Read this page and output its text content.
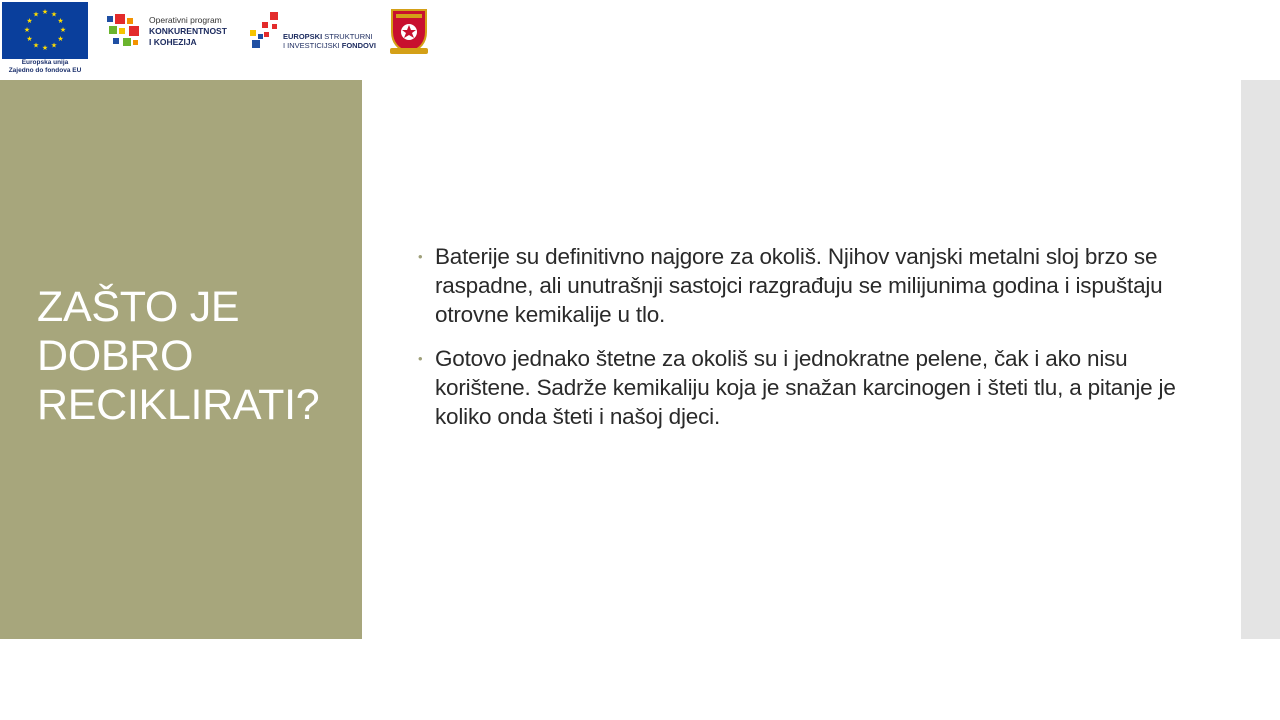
★ ★
★
★
★
★
★
★
★
★
★
★
Europska unija
Zajedno do fondova EU
Operativni program
KONKURENTNOST
I KOHEZIJA
EUROPSKI STRUKTURNI
I INVESTICIJSKI FONDOVI
ZAŠTO JE
DOBRO
RECIKLIRATI?
• Baterije su definitivno najgore za okoliš. Njihov vanjski metalni sloj brzo se raspadne, ali unutrašnji sastojci razgrađuju se milijunima godina i ispuštaju otrovne kemikalije u tlo.
• Gotovo jednako štetne za okoliš su i jednokratne pelene, čak i ako nisu korištene. Sadrže kemikaliju koja je snažan karcinogen i šteti tlu, a pitanje je koliko onda šteti i našoj djeci.
